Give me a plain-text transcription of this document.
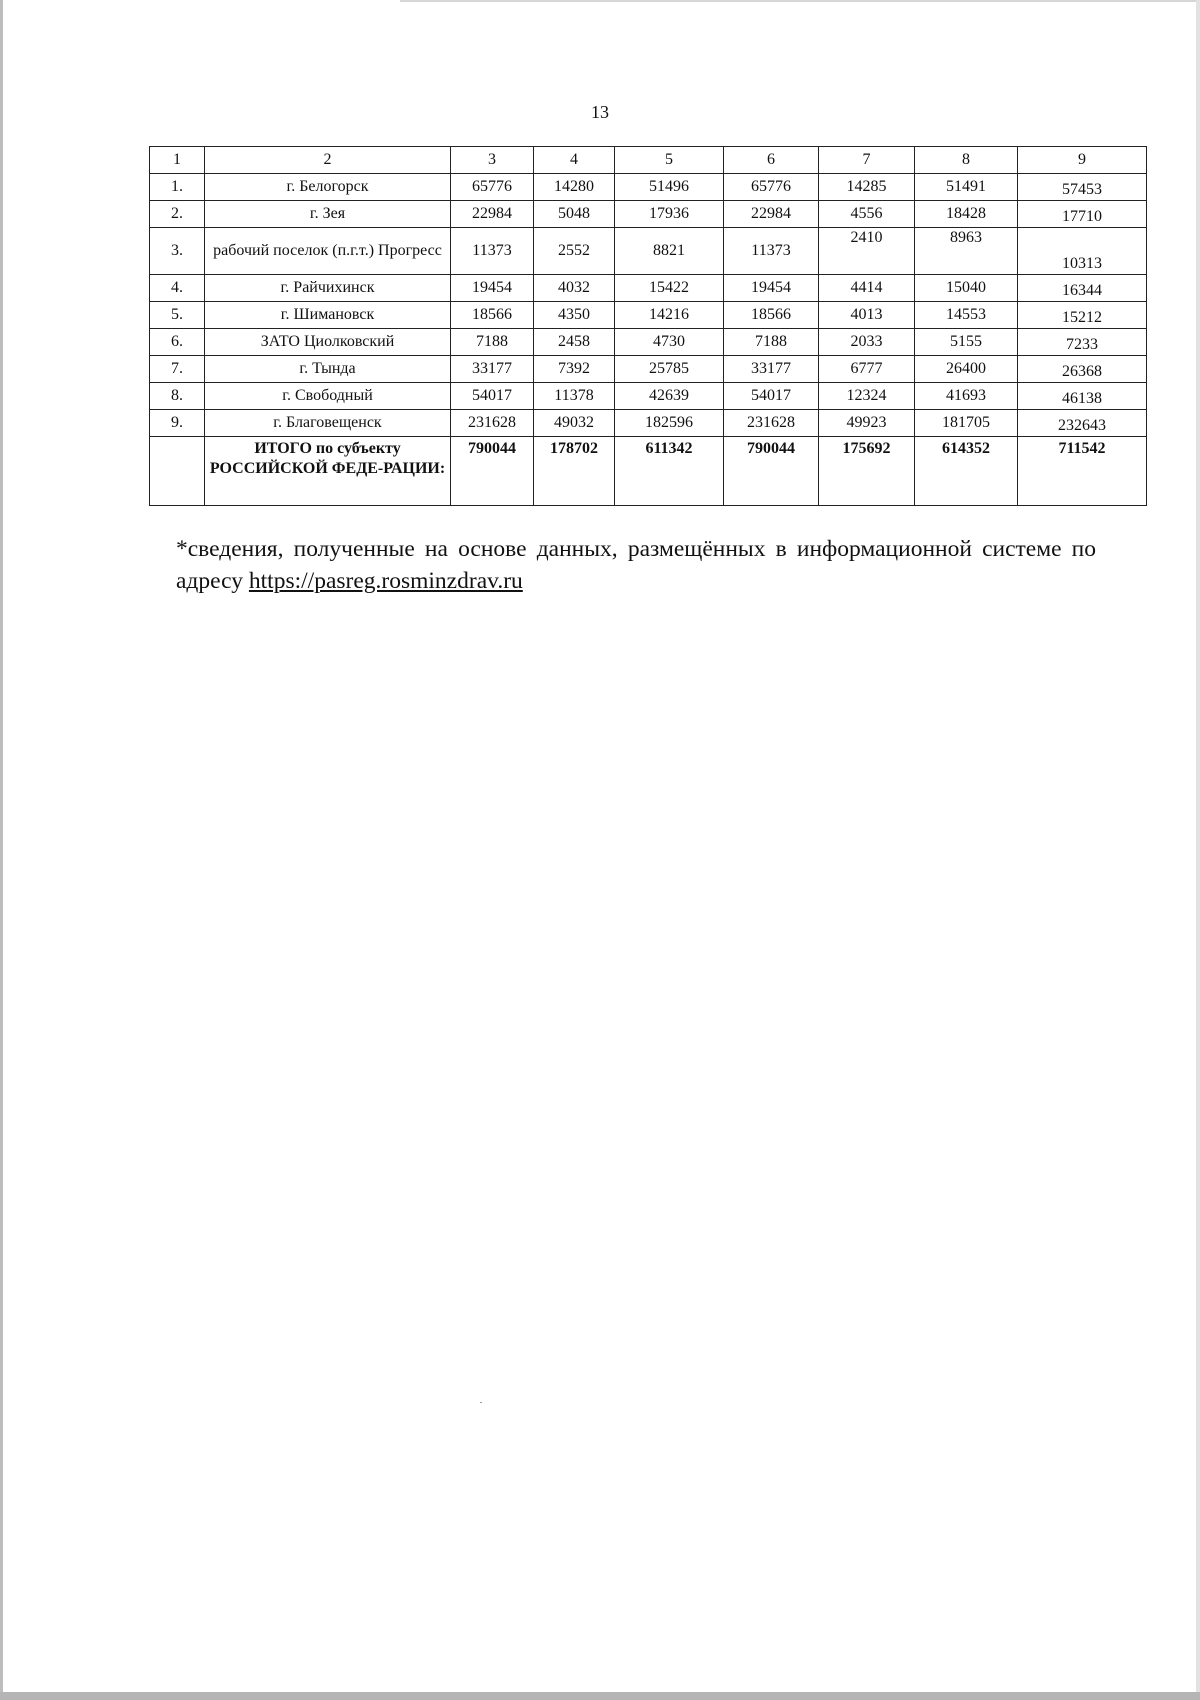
13
1	2	3	4	5	6	7	8	9
1.	г. Белогорск	65776	14280	51496	65776	14285	51491	57453
2.	г. Зея	22984	5048	17936	22984	4556	18428	17710
3.	рабочий поселок (п.г.т.) Прогресс	11373	2552	8821	11373	2410	8963	10313
4.	г. Райчихинск	19454	4032	15422	19454	4414	15040	16344
5.	г. Шимановск	18566	4350	14216	18566	4013	14553	15212
6.	ЗАТО Циолковский	7188	2458	4730	7188	2033	5155	7233
7.	г. Тында	33177	7392	25785	33177	6777	26400	26368
8.	г. Свободный	54017	11378	42639	54017	12324	41693	46138
9.	г. Благовещенск	231628	49032	182596	231628	49923	181705	232643
	ИТОГО по субъекту РОССИЙСКОЙ ФЕДЕ-РАЦИИ:	790044	178702	611342	790044	175692	614352	711542
*сведения, полученные на основе данных, размещённых в информационной системе по адресу https://pasreg.rosminzdrav.ru
